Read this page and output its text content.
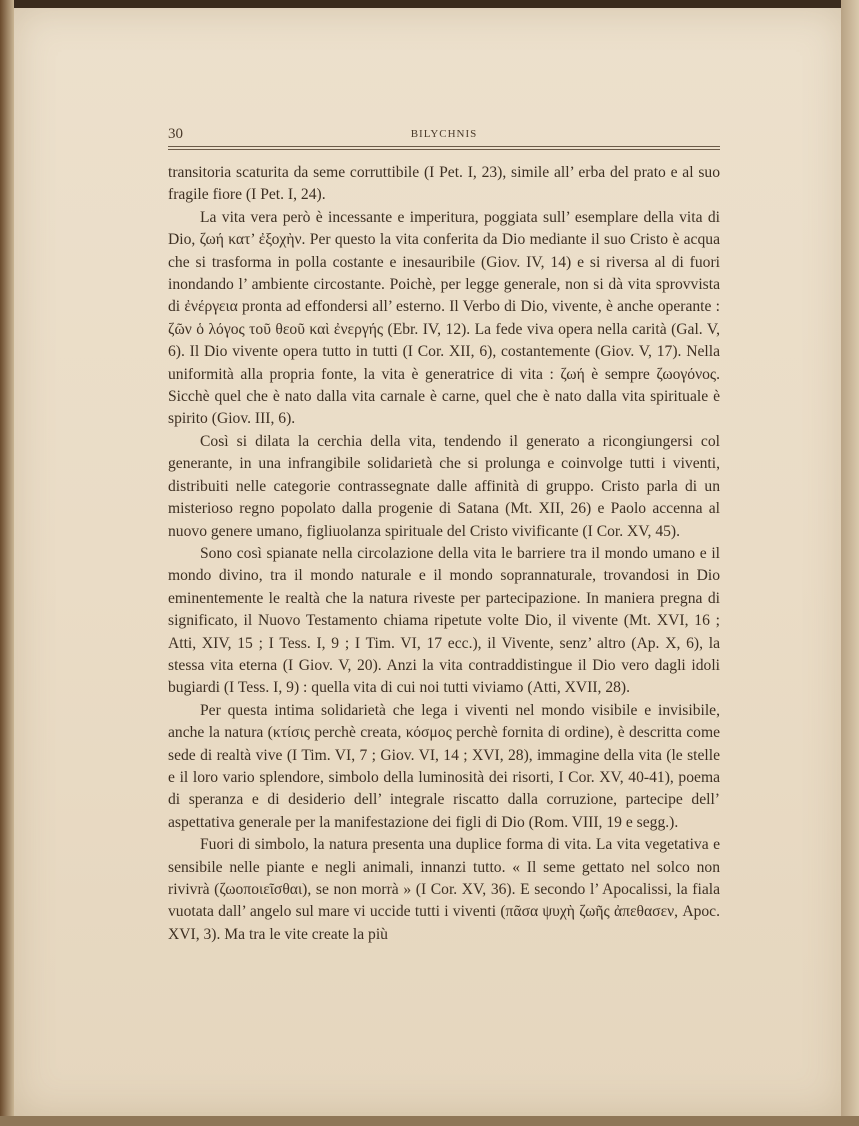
30	BILYCHNIS

transitoria scaturita da seme corruttibile (I Pet. I, 23), simile all’ erba del prato e al suo fragile fiore (I Pet. I, 24).

La vita vera però è incessante e imperitura, poggiata sull’ esemplare della vita di Dio, ζωή κατ’ ἐξοχὴν. Per questo la vita conferita da Dio mediante il suo Cristo è acqua che si trasforma in polla costante e inesauribile (Giov. IV, 14) e si riversa al di fuori inondando l’ ambiente circostante. Poichè, per legge generale, non si dà vita sprovvista di ἐνέργεια pronta ad effondersi all’ esterno. Il Verbo di Dio, vivente, è anche operante : ζῶν ὁ λόγος τοῦ θεοῦ καὶ ἐνεργής (Ebr. IV, 12). La fede viva opera nella carità (Gal. V, 6). Il Dio vivente opera tutto in tutti (I Cor. XII, 6), costantemente (Giov. V, 17). Nella uniformità alla propria fonte, la vita è generatrice di vita : ζωή è sempre ζωογόνος. Sicchè quel che è nato dalla vita carnale è carne, quel che è nato dalla vita spirituale è spirito (Giov. III, 6).

Così si dilata la cerchia della vita, tendendo il generato a ricongiungersi col generante, in una infrangibile solidarietà che si prolunga e coinvolge tutti i viventi, distribuiti nelle categorie contrassegnate dalle affinità di gruppo. Cristo parla di un misterioso regno popolato dalla progenie di Satana (Mt. XII, 26) e Paolo accenna al nuovo genere umano, figliuolanza spirituale del Cristo vivificante (I Cor. XV, 45).

Sono così spianate nella circolazione della vita le barriere tra il mondo umano e il mondo divino, tra il mondo naturale e il mondo soprannaturale, trovandosi in Dio eminentemente le realtà che la natura riveste per partecipazione. In maniera pregna di significato, il Nuovo Testamento chiama ripetute volte Dio, il vivente (Mt. XVI, 16 ; Atti, XIV, 15 ; I Tess. I, 9 ; I Tim. VI, 17 ecc.), il Vivente, senz’ altro (Ap. X, 6), la stessa vita eterna (I Giov. V, 20). Anzi la vita contraddistingue il Dio vero dagli idoli bugiardi (I Tess. I, 9) : quella vita di cui noi tutti viviamo (Atti, XVII, 28).

Per questa intima solidarietà che lega i viventi nel mondo visibile e invisibile, anche la natura (κτίσις perchè creata, κόσμος perchè fornita di ordine), è descritta come sede di realtà vive (I Tim. VI, 7 ; Giov. VI, 14 ; XVI, 28), immagine della vita (le stelle e il loro vario splendore, simbolo della luminosità dei risorti, I Cor. XV, 40-41), poema di speranza e di desiderio dell’ integrale riscatto dalla corruzione, partecipe dell’ aspettativa generale per la manifestazione dei figli di Dio (Rom. VIII, 19 e segg.).

Fuori di simbolo, la natura presenta una duplice forma di vita. La vita vegetativa e sensibile nelle piante e negli animali, innanzi tutto. « Il seme gettato nel solco non rivivrà (ζωοποιεῖσθαι), se non morrà » (I Cor. XV, 36). E secondo l’ Apocalissi, la fiala vuotata dall’ angelo sul mare vi uccide tutti i viventi (πᾶσα ψυχὴ ζωῆς ἀπεθασεν, Apoc. XVI, 3). Ma tra le vite create la più
